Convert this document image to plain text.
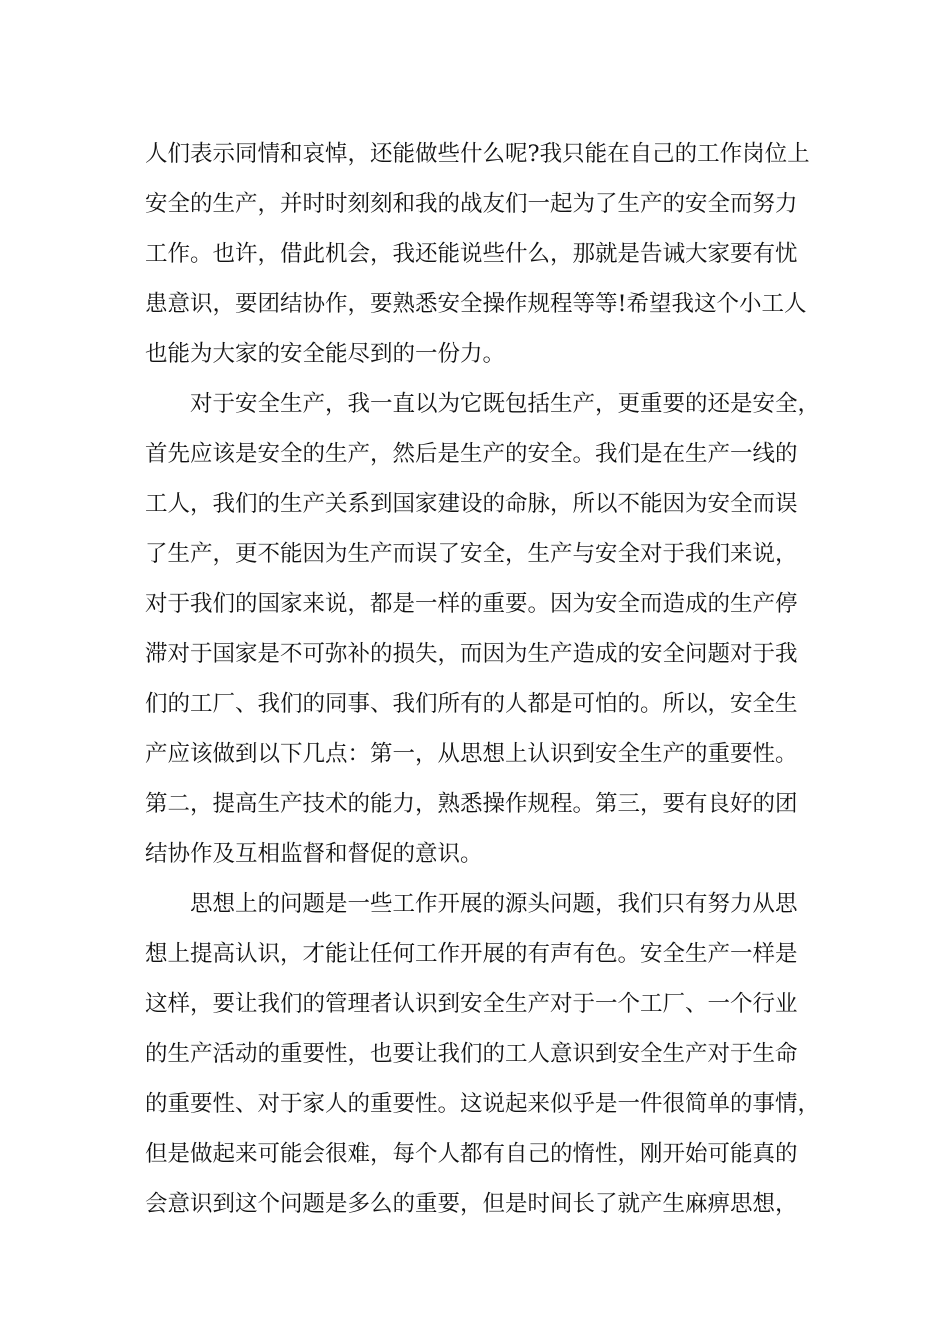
人们表示同情和哀悼，还能做些什么呢?我只能在自己的工作岗位上
安全的生产，并时时刻刻和我的战友们一起为了生产的安全而努力
工作。也许，借此机会，我还能说些什么，那就是告诫大家要有忧
患意识，要团结协作，要熟悉安全操作规程等等!希望我这个小工人
也能为大家的安全能尽到的一份力。
　　对于安全生产，我一直以为它既包括生产，更重要的还是安全，
首先应该是安全的生产，然后是生产的安全。我们是在生产一线的
工人，我们的生产关系到国家建设的命脉，所以不能因为安全而误
了生产，更不能因为生产而误了安全，生产与安全对于我们来说，
对于我们的国家来说，都是一样的重要。因为安全而造成的生产停
滞对于国家是不可弥补的损失，而因为生产造成的安全问题对于我
们的工厂、我们的同事、我们所有的人都是可怕的。所以，安全生
产应该做到以下几点：第一，从思想上认识到安全生产的重要性。
第二，提高生产技术的能力，熟悉操作规程。第三，要有良好的团
结协作及互相监督和督促的意识。
　　思想上的问题是一些工作开展的源头问题，我们只有努力从思
想上提高认识，才能让任何工作开展的有声有色。安全生产一样是
这样，要让我们的管理者认识到安全生产对于一个工厂、一个行业
的生产活动的重要性，也要让我们的工人意识到安全生产对于生命
的重要性、对于家人的重要性。这说起来似乎是一件很简单的事情，
但是做起来可能会很难，每个人都有自己的惰性，刚开始可能真的
会意识到这个问题是多么的重要，但是时间长了就产生麻痹思想，
